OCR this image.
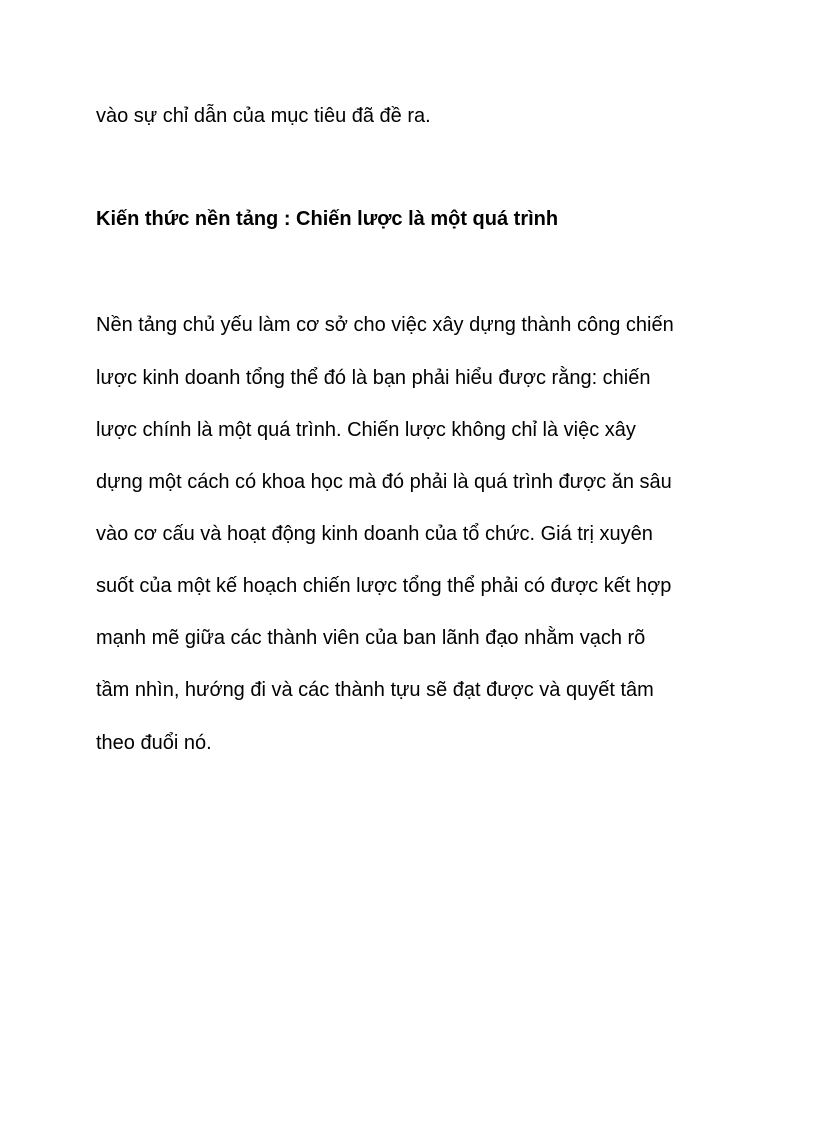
vào sự chỉ dẫn của mục tiêu đã đề ra.

Kiến thức nền tảng : Chiến lược là một quá trình

Nền tảng chủ yếu làm cơ sở cho việc xây dựng thành công chiến

lược kinh doanh tổng thể đó là bạn phải hiểu được rằng: chiến

lược chính là một quá trình. Chiến lược không chỉ là việc xây

dựng một cách có khoa học mà đó phải là quá trình được ăn sâu

vào cơ cấu và hoạt động kinh doanh của tổ chức. Giá trị xuyên

suốt của một kế hoạch chiến lược tổng thể phải có được kết hợp

mạnh mẽ giữa các thành viên của ban lãnh đạo nhằm vạch rõ

tầm nhìn, hướng đi và các thành tựu sẽ đạt được và quyết tâm

theo đuổi nó.
